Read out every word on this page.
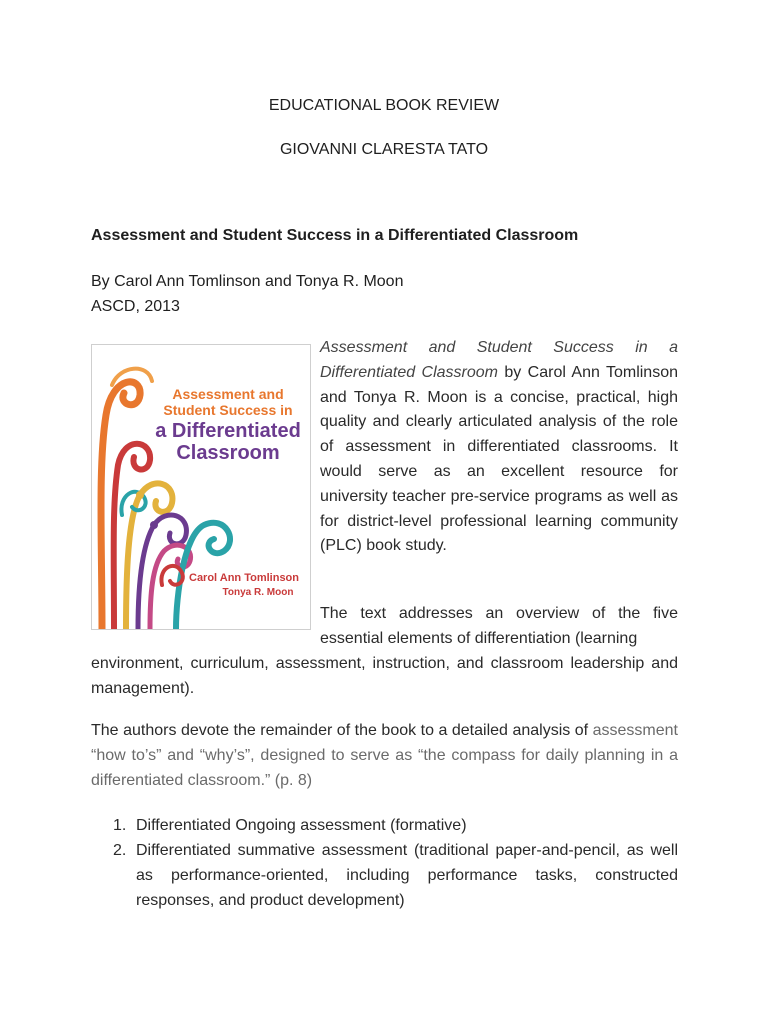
EDUCATIONAL BOOK REVIEW
GIOVANNI CLARESTA TATO
Assessment and Student Success in a Differentiated Classroom
By Carol Ann Tomlinson and Tonya R. Moon
ASCD, 2013
Assessment and
Student Success in
a Differentiated
Classroom
Carol Ann Tomlinson
Tonya R. Moon
Assessment and Student Success in a Differentiated Classroom by Carol Ann Tomlinson and Tonya R. Moon is a concise, practical, high quality and clearly articulated analysis of the role of assessment in differentiated classrooms. It would serve as an excellent resource for university teacher pre-service programs as well as for district-level professional learning community (PLC) book study.
The text addresses an overview of the five essential elements of differentiation (learning
environment, curriculum, assessment, instruction, and classroom leadership and management).
The authors devote the remainder of the book to a detailed analysis of assessment “how to’s” and “why’s”, designed to serve as “the compass for daily planning in a differentiated classroom.” (p. 8)
1. Differentiated Ongoing assessment (formative)
2. Differentiated summative assessment (traditional paper-and-pencil, as well as performance-oriented, including performance tasks, constructed responses, and product development)
